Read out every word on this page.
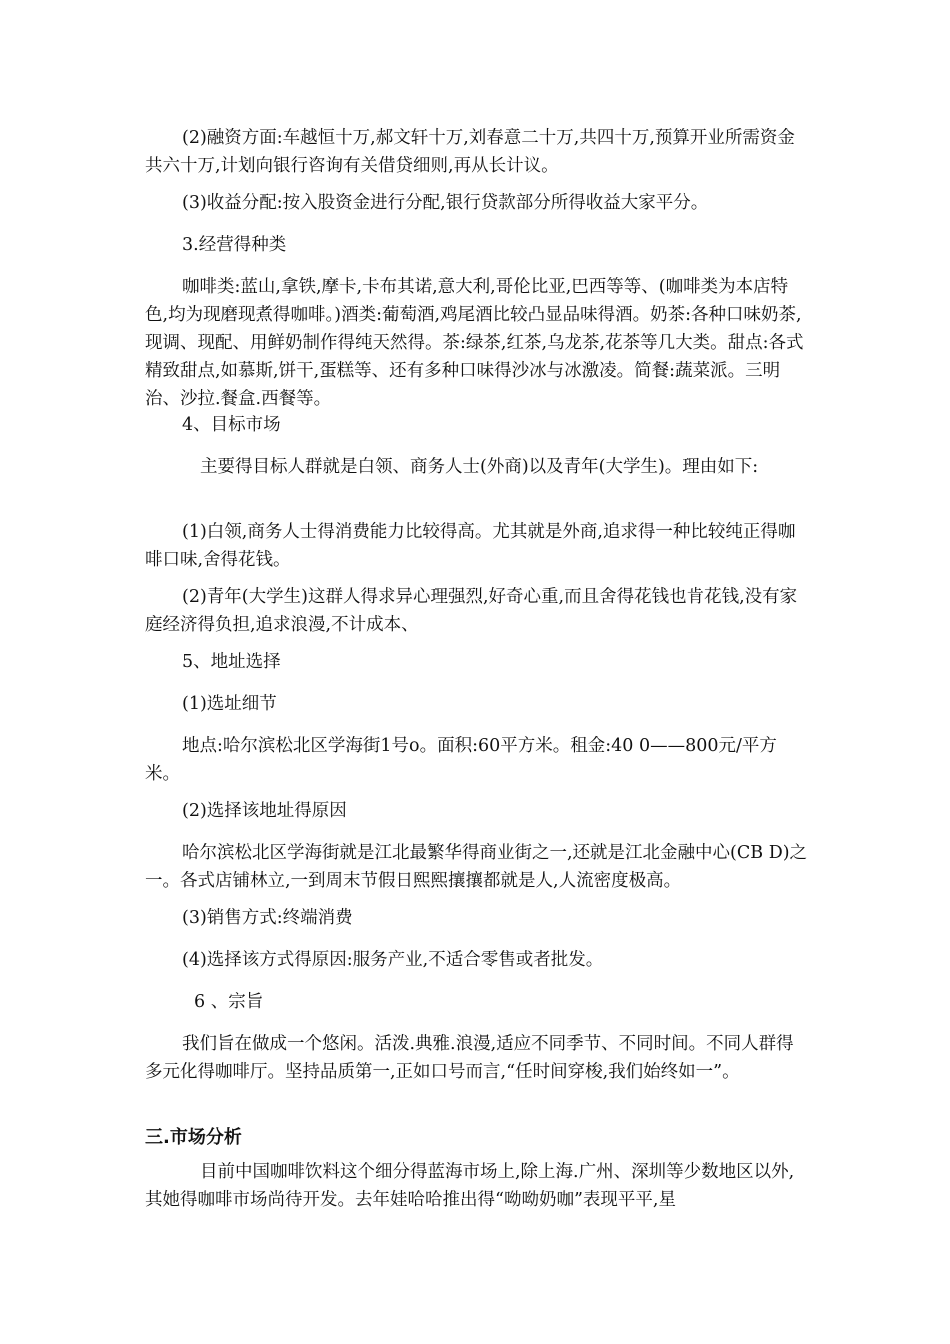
(2)融资方面:车越恒十万,郝文轩十万,刘春意二十万,共四十万,预算开业所需资金共六十万,计划向银行咨询有关借贷细则,再从长计议。

(3)收益分配:按入股资金进行分配,银行贷款部分所得收益大家平分。

3.经营得种类

咖啡类:蓝山,拿铁,摩卡,卡布其诺,意大利,哥伦比亚,巴西等等、(咖啡类为本店特色,均为现磨现煮得咖啡。)酒类:葡萄酒,鸡尾酒比较凸显品味得酒。奶茶:各种口味奶茶,现调、现配、用鲜奶制作得纯天然得。茶:绿茶,红茶,乌龙茶,花茶等几大类。甜点:各式精致甜点,如慕斯,饼干,蛋糕等、还有多种口味得沙冰与冰激凌。简餐:蔬菜派。三明治、沙拉.餐盒.西餐等。

4、目标市场

主要得目标人群就是白领、商务人士(外商)以及青年(大学生)。理由如下:

(1)白领,商务人士得消费能力比较得高。尤其就是外商,追求得一种比较纯正得咖啡口味,舍得花钱。

(2)青年(大学生)这群人得求异心理强烈,好奇心重,而且舍得花钱也肯花钱,没有家庭经济得负担,追求浪漫,不计成本、

5、地址选择

(1)选址细节

地点:哈尔滨松北区学海街1号o。面积:60平方米。租金:40 0——800元/平方米。

(2)选择该地址得原因

哈尔滨松北区学海街就是江北最繁华得商业街之一,还就是江北金融中心(CB D)之一。各式店铺林立,一到周末节假日熙熙攘攘都就是人,人流密度极高。

(3)销售方式:终端消费

(4)选择该方式得原因:服务产业,不适合零售或者批发。

6 、宗旨

我们旨在做成一个悠闲。活泼.典雅.浪漫,适应不同季节、不同时间。不同人群得多元化得咖啡厅。坚持品质第一,正如口号而言,“任时间穿梭,我们始终如一”。

三.市场分析

目前中国咖啡饮料这个细分得蓝海市场上,除上海.广州、深圳等少数地区以外,其她得咖啡市场尚待开发。去年娃哈哈推出得“呦呦奶咖”表现平平,星
